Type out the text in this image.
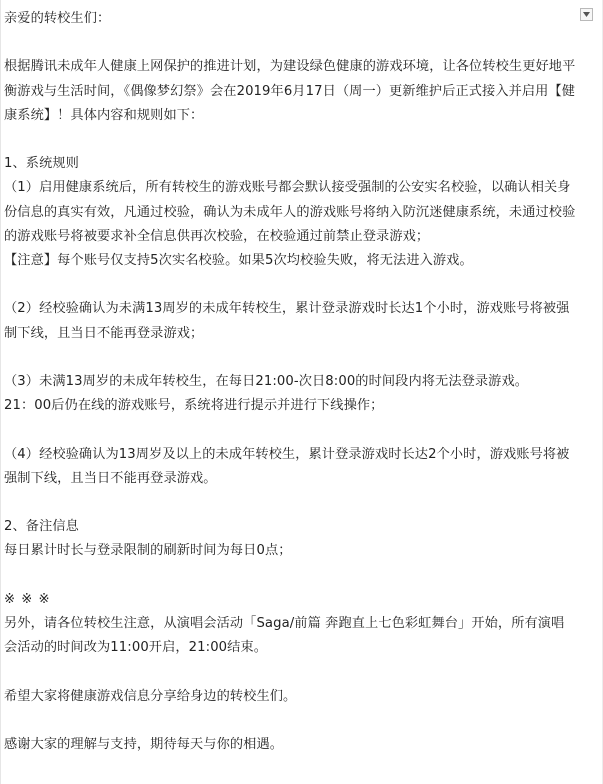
亲爱的转校生们：

根据腾讯未成年人健康上网保护的推进计划，为建设绿色健康的游戏环境，让各位转校生更好地平衡游戏与生活时间，《偶像梦幻祭》会在2019年6月17日（周一）更新维护后正式接入并启用【健康系统】！具体内容和规则如下：

1、系统规则

（1）启用健康系统后，所有转校生的游戏账号都会默认接受强制的公安实名校验，以确认相关身份信息的真实有效，凡通过校验，确认为未成年人的游戏账号将纳入防沉迷健康系统，未通过校验的游戏账号将被要求补全信息供再次校验，在校验通过前禁止登录游戏；

【注意】每个账号仅支持5次实名校验。如果5次均校验失败，将无法进入游戏。

（2）经校验确认为未满13周岁的未成年转校生，累计登录游戏时长达1个小时，游戏账号将被强制下线，且当日不能再登录游戏；

（3）未满13周岁的未成年转校生，在每日21:00-次日8:00的时间段内将无法登录游戏。

21：00后仍在线的游戏账号，系统将进行提示并进行下线操作；

（4）经校验确认为13周岁及以上的未成年转校生，累计登录游戏时长达2个小时，游戏账号将被强制下线，且当日不能再登录游戏。

2、备注信息

每日累计时长与登录限制的刷新时间为每日0点；

※ ※ ※

另外，请各位转校生注意，从演唱会活动「Saga/前篇 奔跑直上七色彩虹舞台」开始，所有演唱会活动的时间改为11:00开启，21:00结束。

希望大家将健康游戏信息分享给身边的转校生们。

感谢大家的理解与支持，期待每天与你的相遇。
